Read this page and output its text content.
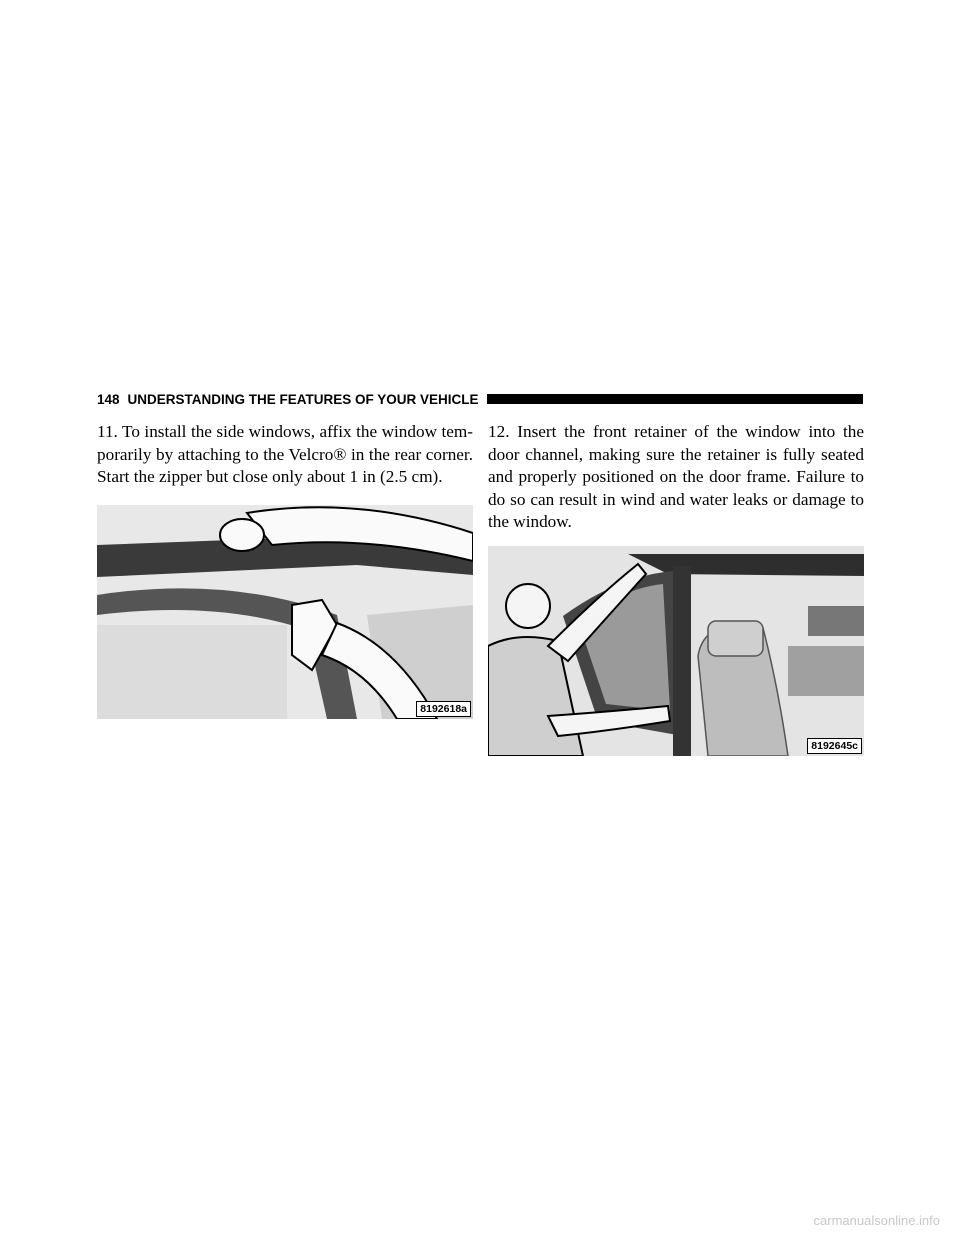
148 UNDERSTANDING THE FEATURES OF YOUR VEHICLE

11. To install the side windows, affix the window tem-porarily by attaching to the Velcro® in the rear corner. Start the zipper but close only about 1 in (2.5 cm).

8192618a

12. Insert the front retainer of the window into the door channel, making sure the retainer is fully seated and properly positioned on the door frame. Failure to do so can result in wind and water leaks or damage to the window.

8192645c
carmanualsonline.info
